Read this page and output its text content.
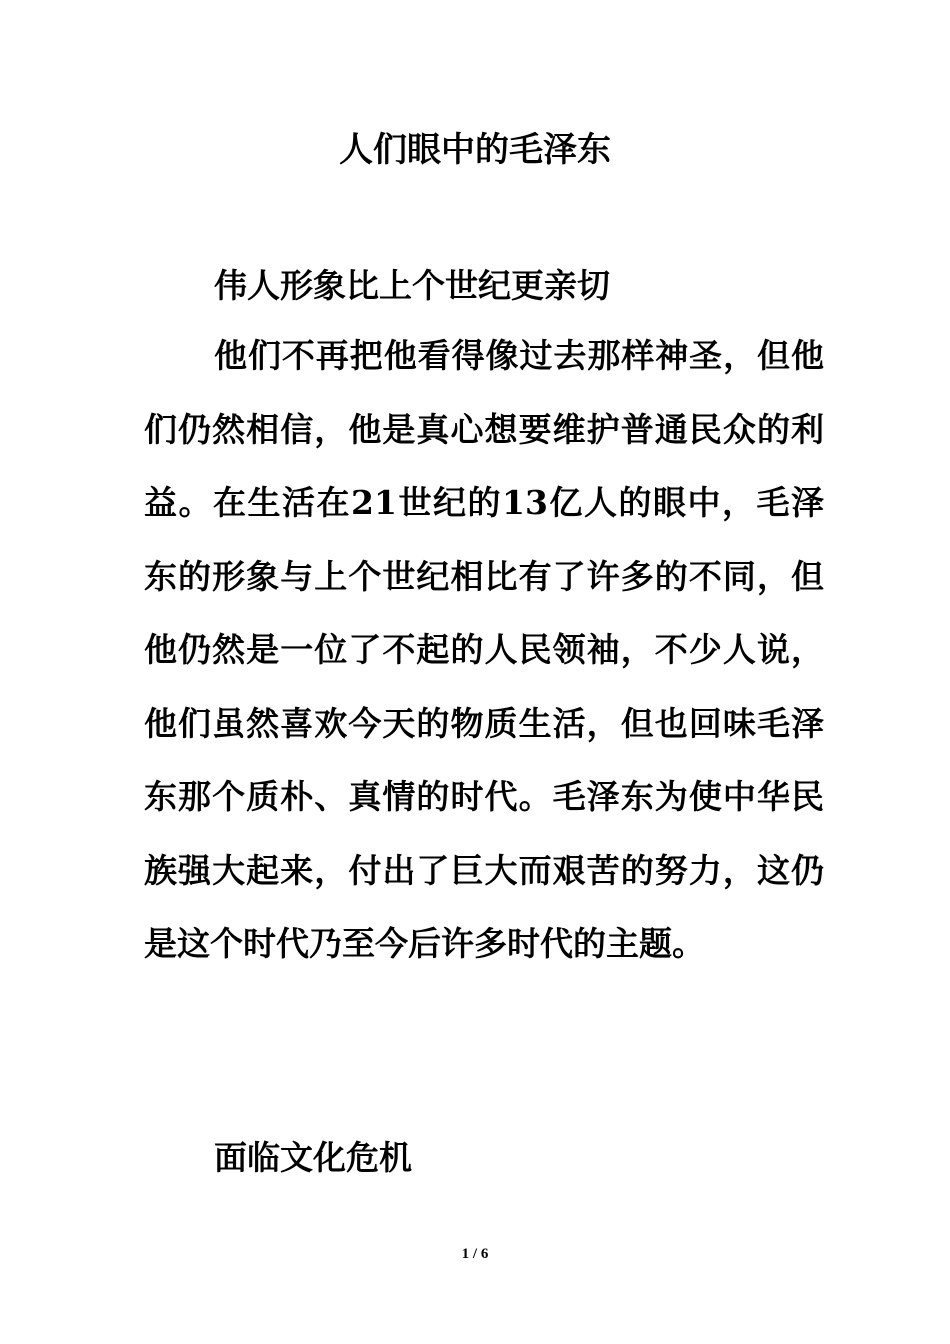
人们眼中的毛泽东
伟人形象比上个世纪更亲切
他们不再把他看得像过去那样神圣，但他们仍然相信，他是真心想要维护普通民众的利益。在生活在21世纪的13亿人的眼中，毛泽东的形象与上个世纪相比有了许多的不同，但他仍然是一位了不起的人民领袖，不少人说，他们虽然喜欢今天的物质生活，但也回味毛泽东那个质朴、真情的时代。毛泽东为使中华民族强大起来，付出了巨大而艰苦的努力，这仍是这个时代乃至今后许多时代的主题。
面临文化危机
1 / 6
